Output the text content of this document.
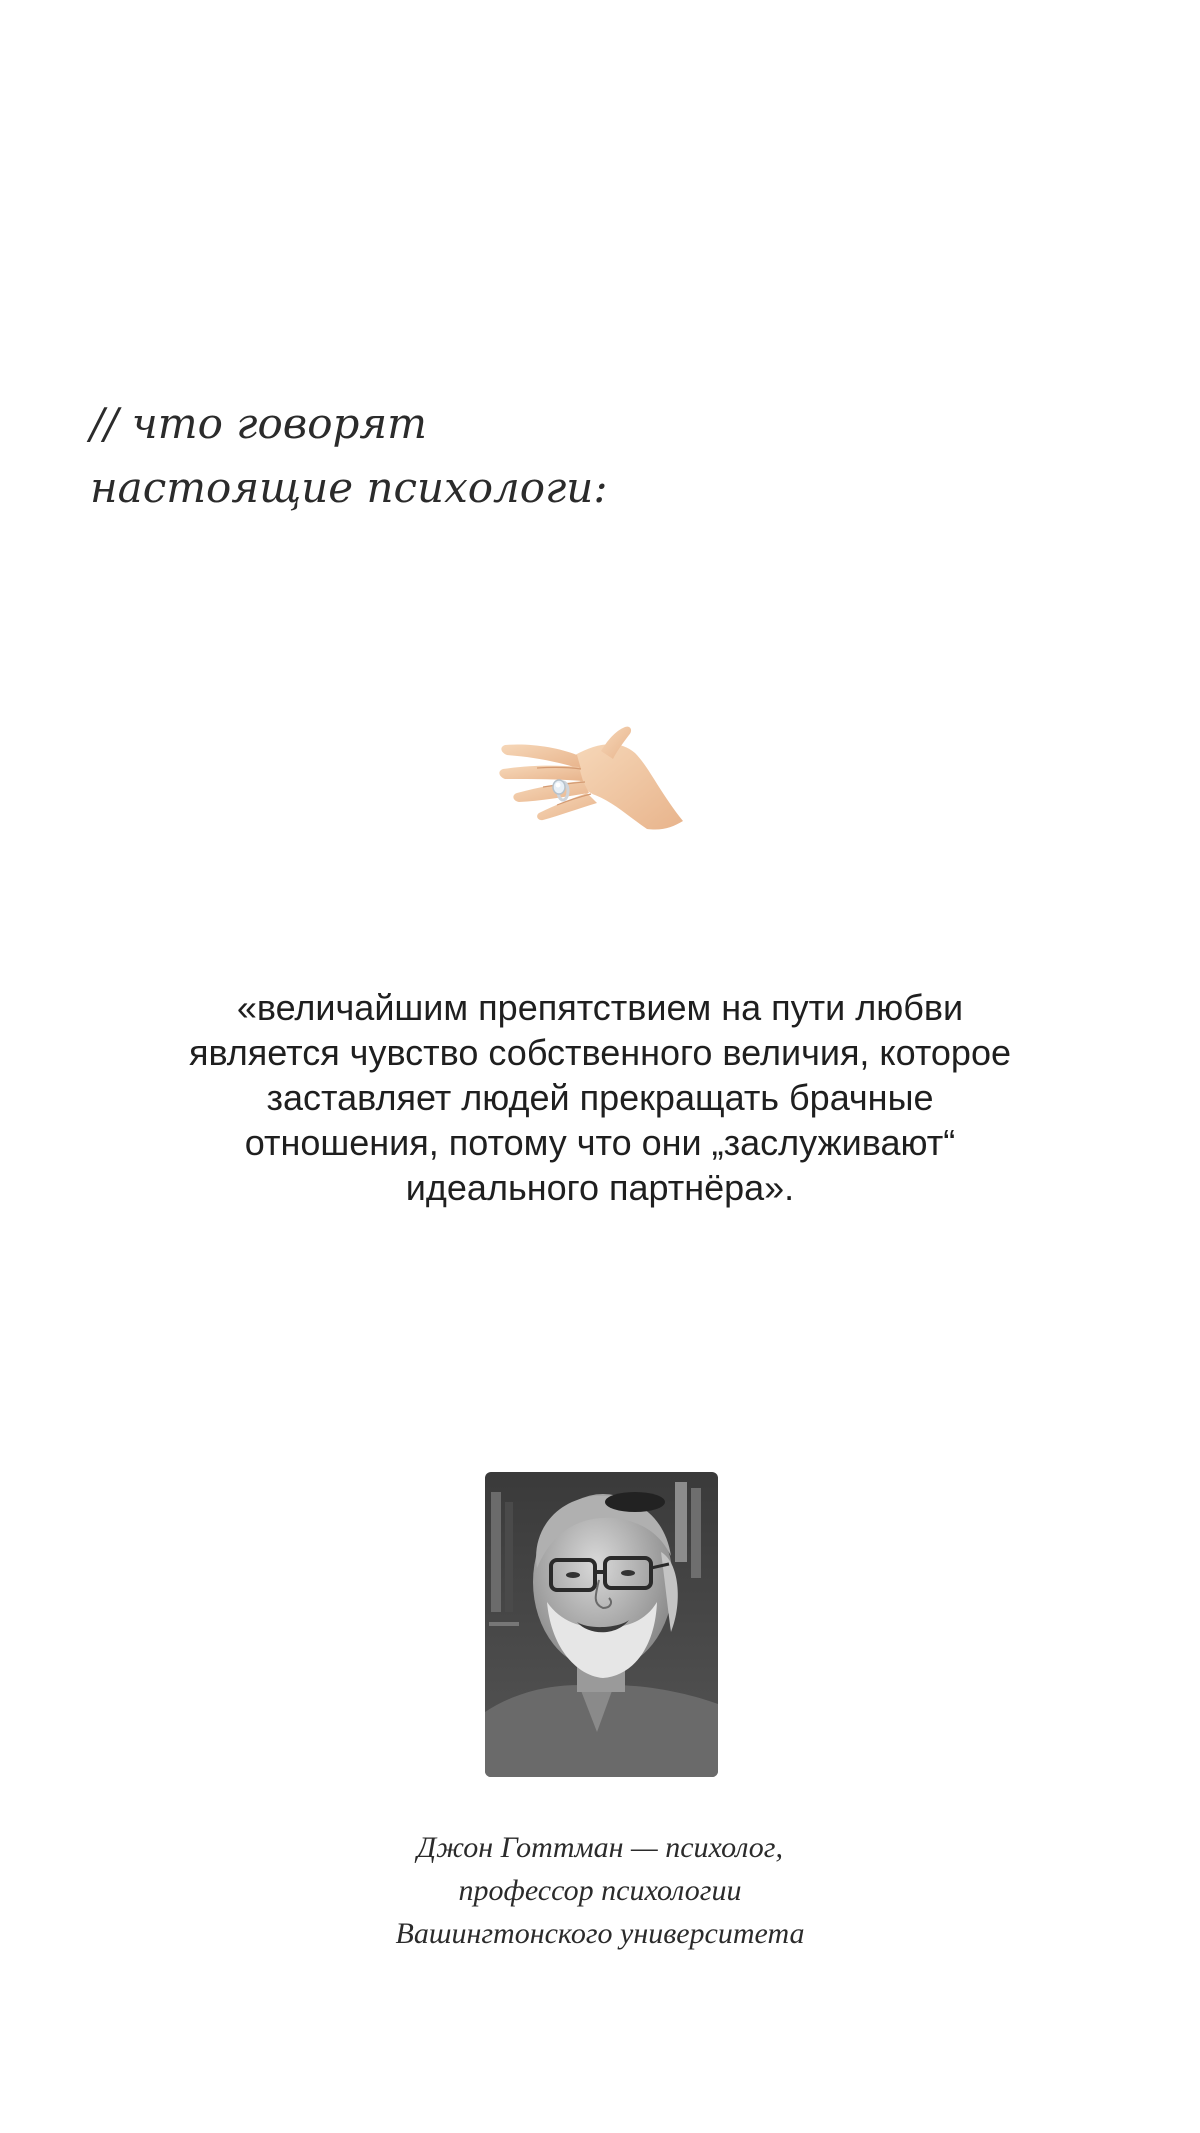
// что говорят
настоящие психологи:
«величайшим препятствием на пути любви
является чувство собственного величия, которое
заставляет людей прекращать брачные
отношения, потому что они „заслуживают“
идеального партнёра».
Джон Готтман — психолог,
профессор психологии
Вашингтонского университета
